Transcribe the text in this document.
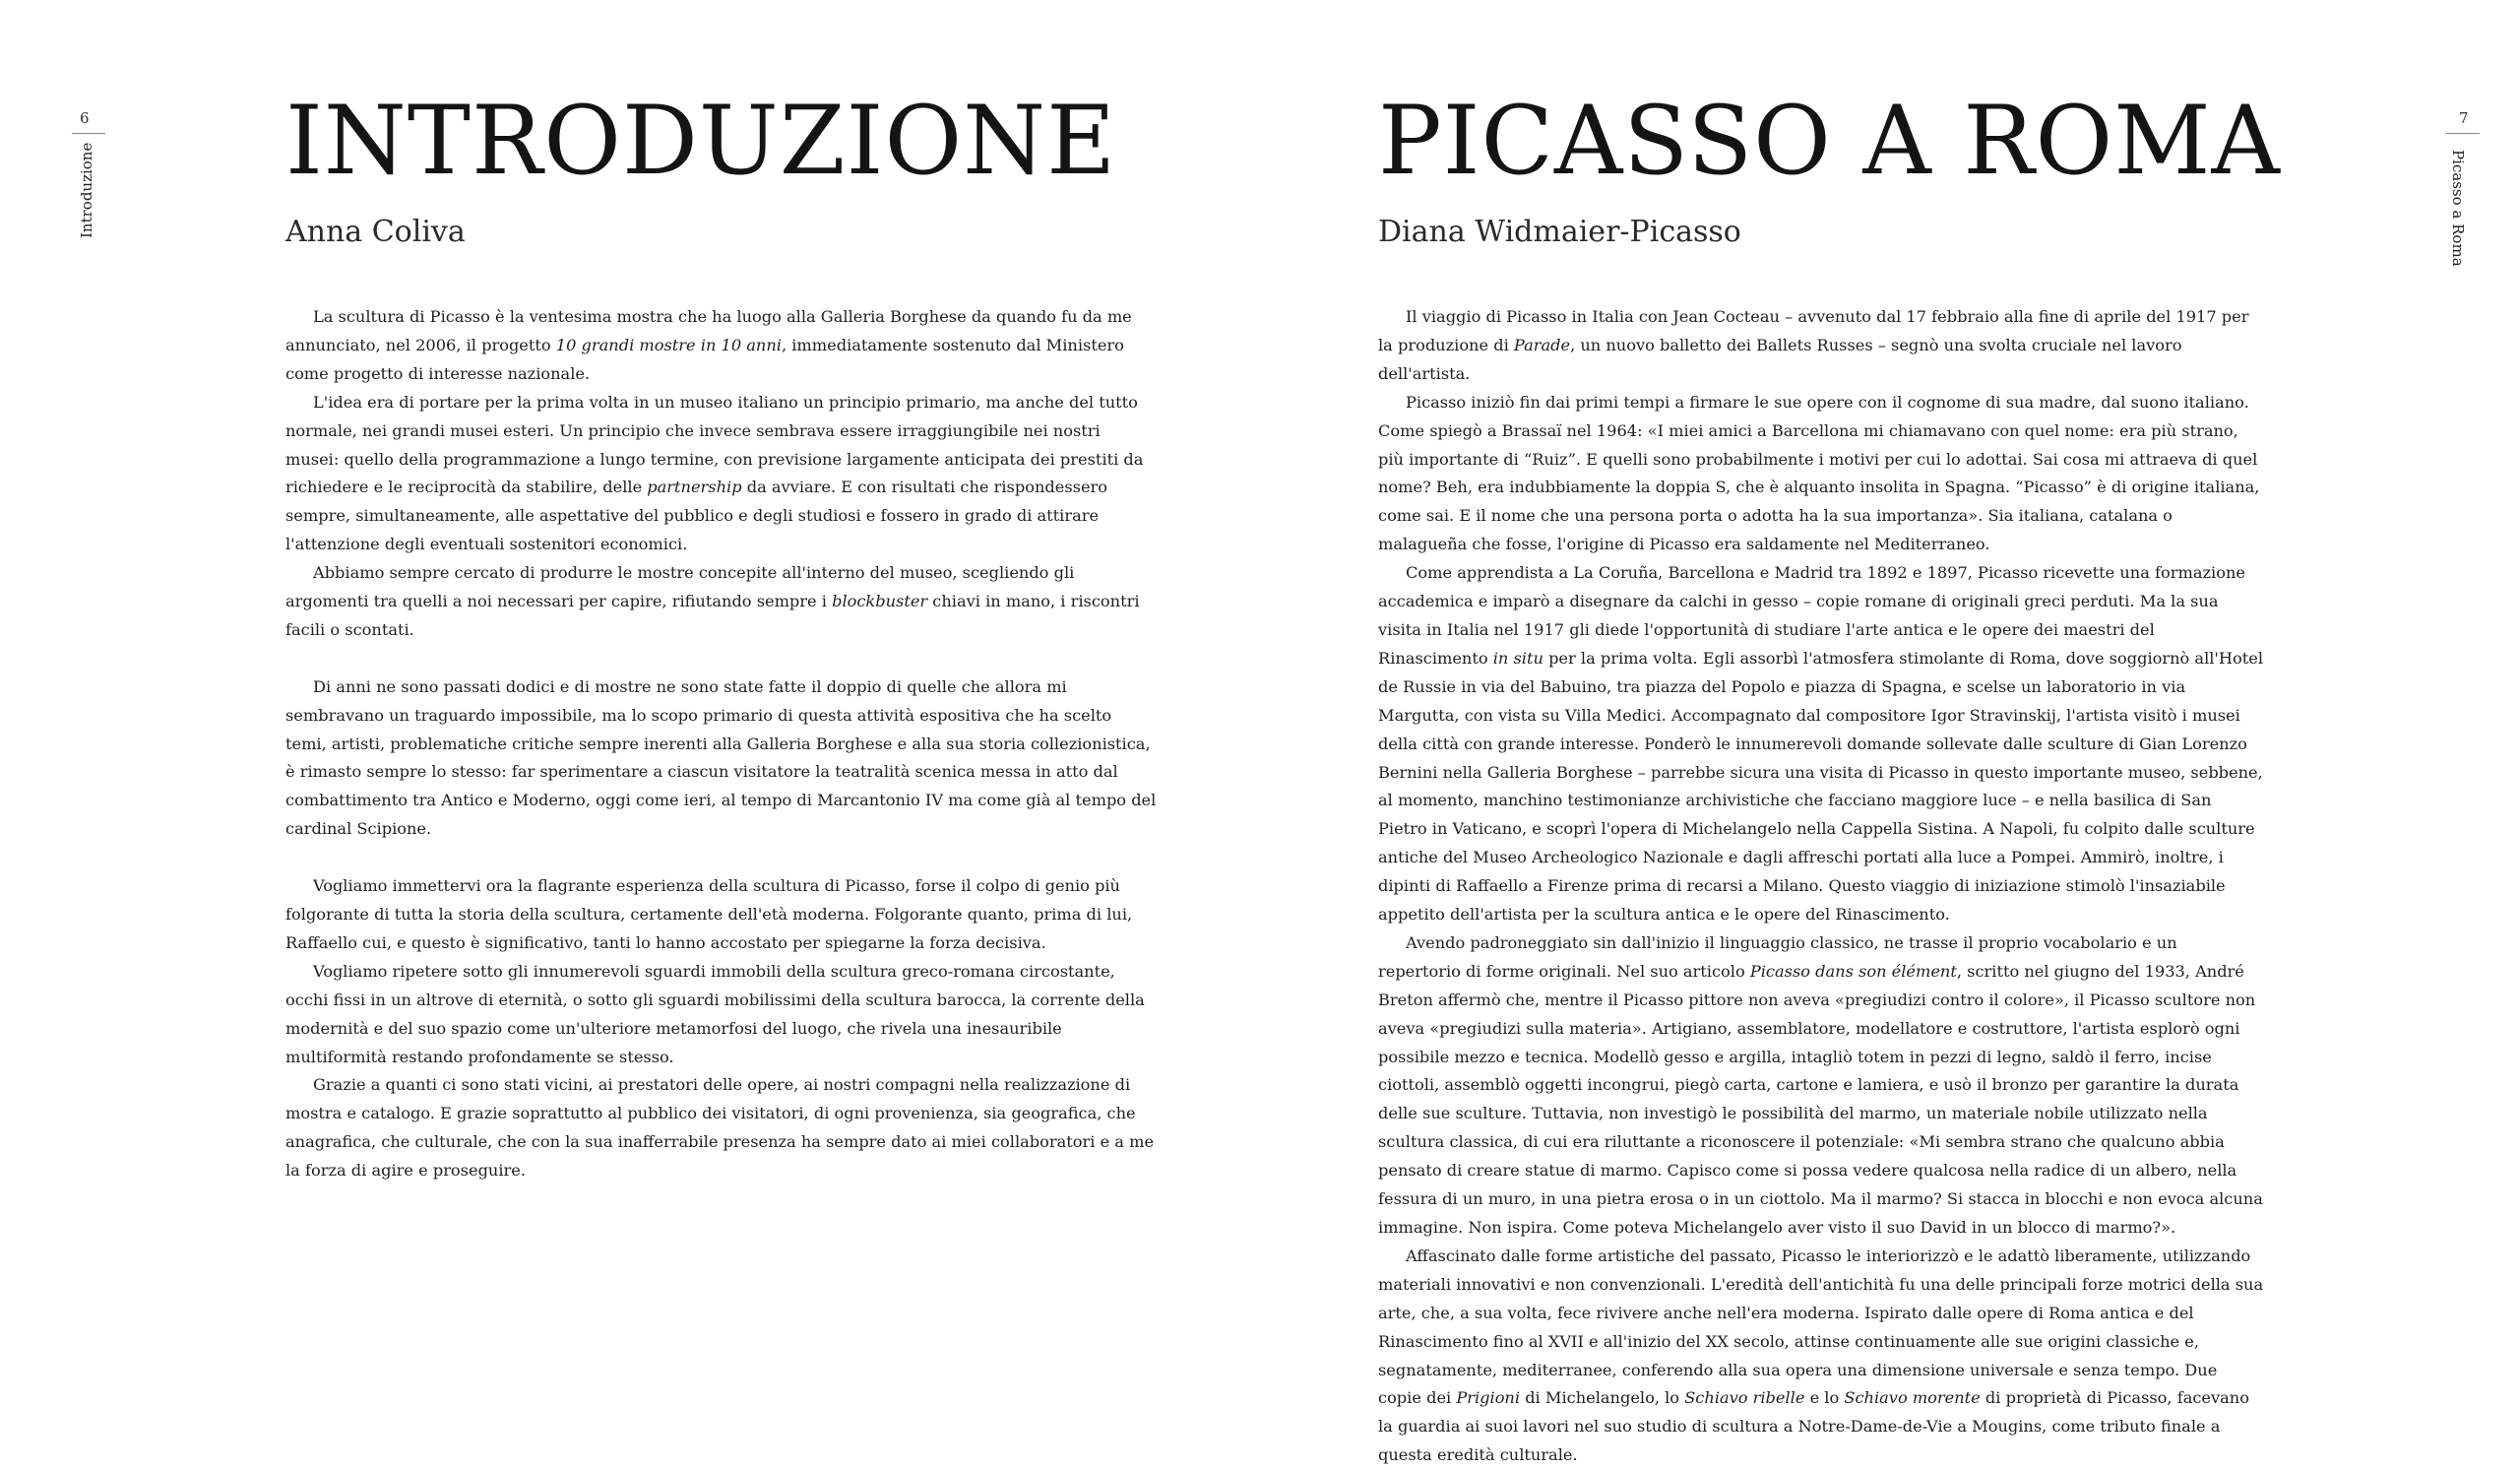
6
Introduzione INTRODUZIONE
Anna Coliva

La scultura di Picasso è la ventesima mostra che ha luogo alla Galleria Borghese da quando fu da me annunciato, nel 2006, il progetto 10 grandi mostre in 10 anni, immediatamente sostenuto dal Ministero come progetto di interesse nazionale.

L'idea era di portare per la prima volta in un museo italiano un principio primario, ma anche del tutto normale, nei grandi musei esteri. Un principio che invece sembrava essere irraggiungibile nei nostri musei: quello della programmazione a lungo termine, con previsione largamente anticipata dei prestiti da richiedere e le reciprocità da stabilire, delle partnership da avviare. E con risultati che rispondessero sempre, simultaneamente, alle aspettative del pubblico e degli studiosi e fossero in grado di attirare l'attenzione degli eventuali sostenitori economici.

Abbiamo sempre cercato di produrre le mostre concepite all'interno del museo, scegliendo gli argomenti tra quelli a noi necessari per capire, rifiutando sempre i blockbuster chiavi in mano, i riscontri facili o scontati.

Di anni ne sono passati dodici e di mostre ne sono state fatte il doppio di quelle che allora mi sembravano un traguardo impossibile, ma lo scopo primario di questa attività espositiva che ha scelto temi, artisti, problematiche critiche sempre inerenti alla Galleria Borghese e alla sua storia collezionistica, è rimasto sempre lo stesso: far sperimentare a ciascun visitatore la teatralità scenica messa in atto dal combattimento tra Antico e Moderno, oggi come ieri, al tempo di Marcantonio IV ma come già al tempo del cardinal Scipione.

Vogliamo immettervi ora la flagrante esperienza della scultura di Picasso, forse il colpo di genio più folgorante di tutta la storia della scultura, certamente dell'età moderna. Folgorante quanto, prima di lui, Raffaello cui, e questo è significativo, tanti lo hanno accostato per spiegarne la forza decisiva.

Vogliamo ripetere sotto gli innumerevoli sguardi immobili della scultura greco-romana circostante, occhi fissi in un altrove di eternità, o sotto gli sguardi mobilissimi della scultura barocca, la corrente della modernità e del suo spazio come un'ulteriore metamorfosi del luogo, che rivela una inesauribile multiformità restando profondamente se stesso.

Grazie a quanti ci sono stati vicini, ai prestatori delle opere, ai nostri compagni nella realizzazione di mostra e catalogo. E grazie soprattutto al pubblico dei visitatori, di ogni provenienza, sia geografica, che anagrafica, che culturale, che con la sua inafferrabile presenza ha sempre dato ai miei collaboratori e a me la forza di agire e proseguire.

7
Picasso a Roma
PICASSO A ROMA
Diana Widmaier-Picasso

Il viaggio di Picasso in Italia con Jean Cocteau – avvenuto dal 17 febbraio alla fine di aprile del 1917 per la produzione di Parade, un nuovo balletto dei Ballets Russes – segnò una svolta cruciale nel lavoro dell'artista.

Picasso iniziò fin dai primi tempi a firmare le sue opere con il cognome di sua madre, dal suono italiano. Come spiegò a Brassaï nel 1964: «I miei amici a Barcellona mi chiamavano con quel nome: era più strano, più importante di “Ruiz”. E quelli sono probabilmente i motivi per cui lo adottai. Sai cosa mi attraeva di quel nome? Beh, era indubbiamente la doppia S, che è alquanto insolita in Spagna. “Picasso” è di origine italiana, come sai. E il nome che una persona porta o adotta ha la sua importanza». Sia italiana, catalana o malagueña che fosse, l'origine di Picasso era saldamente nel Mediterraneo.

Come apprendista a La Coruña, Barcellona e Madrid tra 1892 e 1897, Picasso ricevette una formazione accademica e imparò a disegnare da calchi in gesso – copie romane di originali greci perduti. Ma la sua visita in Italia nel 1917 gli diede l'opportunità di studiare l'arte antica e le opere dei maestri del Rinascimento in situ per la prima volta. Egli assorbì l'atmosfera stimolante di Roma, dove soggiornò all'Hotel de Russie in via del Babuino, tra piazza del Popolo e piazza di Spagna, e scelse un laboratorio in via Margutta, con vista su Villa Medici. Accompagnato dal compositore Igor Stravinskij, l'artista visitò i musei della città con grande interesse. Ponderò le innumerevoli domande sollevate dalle sculture di Gian Lorenzo Bernini nella Galleria Borghese – parrebbe sicura una visita di Picasso in questo importante museo, sebbene, al momento, manchino testimonianze archivistiche che facciano maggiore luce – e nella basilica di San Pietro in Vaticano, e scoprì l'opera di Michelangelo nella Cappella Sistina. A Napoli, fu colpito dalle sculture antiche del Museo Archeologico Nazionale e dagli affreschi portati alla luce a Pompei. Ammirò, inoltre, i dipinti di Raffaello a Firenze prima di recarsi a Milano. Questo viaggio di iniziazione stimolò l'insaziabile appetito dell'artista per la scultura antica e le opere del Rinascimento.

Avendo padroneggiato sin dall'inizio il linguaggio classico, ne trasse il proprio vocabolario e un repertorio di forme originali. Nel suo articolo Picasso dans son élément, scritto nel giugno del 1933, André Breton affermò che, mentre il Picasso pittore non aveva «pregiudizi contro il colore», il Picasso scultore non aveva «pregiudizi sulla materia». Artigiano, assemblatore, modellatore e costruttore, l'artista esplorò ogni possibile mezzo e tecnica. Modellò gesso e argilla, intagliò totem in pezzi di legno, saldò il ferro, incise ciottoli, assemblò oggetti incongrui, piegò carta, cartone e lamiera, e usò il bronzo per garantire la durata delle sue sculture. Tuttavia, non investigò le possibilità del marmo, un materiale nobile utilizzato nella scultura classica, di cui era riluttante a riconoscere il potenziale: «Mi sembra strano che qualcuno abbia pensato di creare statue di marmo. Capisco come si possa vedere qualcosa nella radice di un albero, nella fessura di un muro, in una pietra erosa o in un ciottolo. Ma il marmo? Si stacca in blocchi e non evoca alcuna immagine. Non ispira. Come poteva Michelangelo aver visto il suo David in un blocco di marmo?».

Affascinato dalle forme artistiche del passato, Picasso le interiorizzò e le adattò liberamente, utilizzando materiali innovativi e non convenzionali. L'eredità dell'antichità fu una delle principali forze motrici della sua arte, che, a sua volta, fece rivivere anche nell'era moderna. Ispirato dalle opere di Roma antica e del Rinascimento fino al XVII e all'inizio del XX secolo, attinse continuamente alle sue origini classiche e, segnatamente, mediterranee, conferendo alla sua opera una dimensione universale e senza tempo. Due copie dei Prigioni di Michelangelo, lo Schiavo ribelle e lo Schiavo morente di proprietà di Picasso, facevano la guardia ai suoi lavori nel suo studio di scultura a Notre-Dame-de-Vie a Mougins, come tributo finale a questa eredità culturale.
